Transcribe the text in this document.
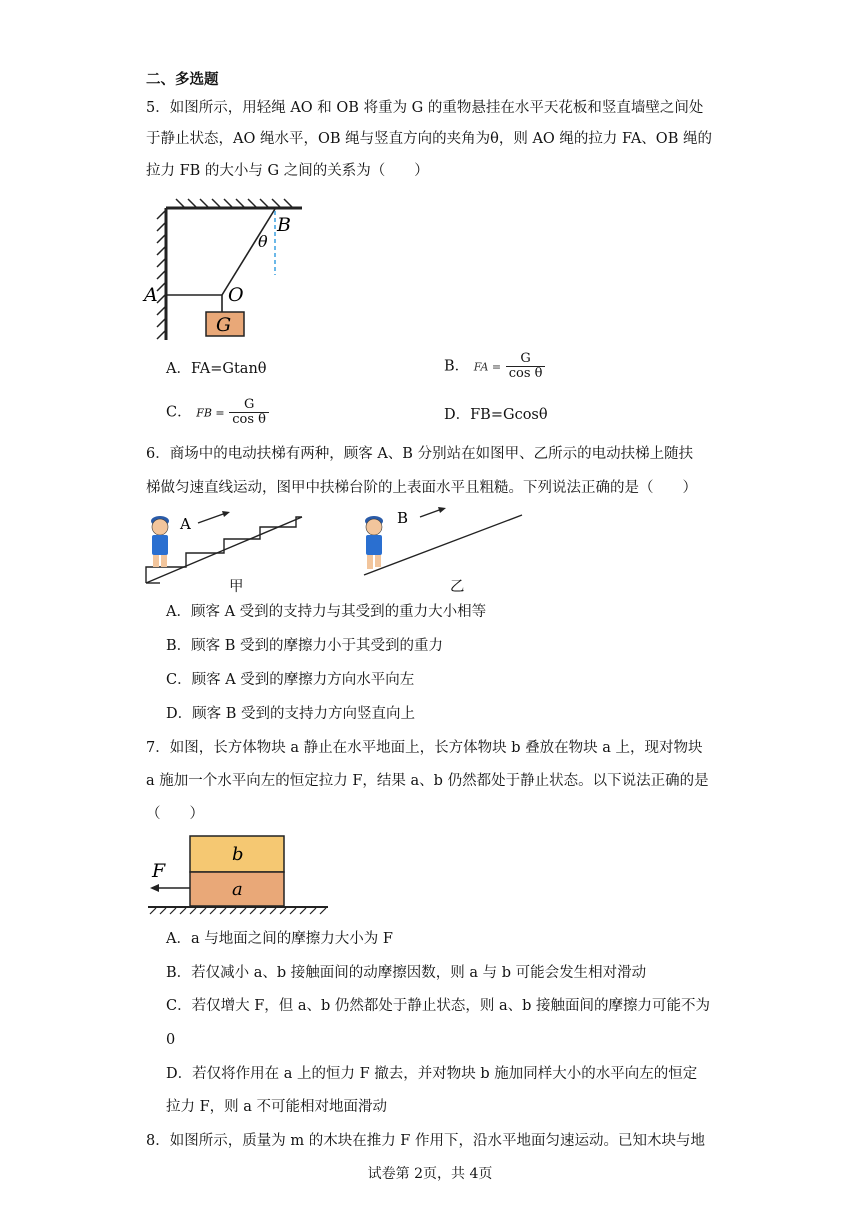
二、多选题
5．如图所示，用轻绳 AO 和 OB 将重为 G 的重物悬挂在水平天花板和竖直墙壁之间处
于静止状态，AO 绳水平，OB 绳与竖直方向的夹角为θ，则 AO 绳的拉力 FA、OB 绳的
拉力 FB 的大小与 G 之间的关系为（　　）
A
B
O
G
θ
A．FA=Gtanθ	B． FA = $\frac{G}{\text{cos θ}}$
C． FB = $\frac{G}{\text{cos θ}}$	D．FB=Gcosθ
6．商场中的电动扶梯有两种，顾客 A、B 分别站在如图甲、乙所示的电动扶梯上随扶
梯做匀速直线运动，图甲中扶梯台阶的上表面水平且粗糙。下列说法正确的是（　　）
A	B
甲	乙
A．顾客 A 受到的支持力与其受到的重力大小相等
B．顾客 B 受到的摩擦力小于其受到的重力
C．顾客 A 受到的摩擦力方向水平向左
D．顾客 B 受到的支持力方向竖直向上
7．如图，长方体物块 a 静止在水平地面上，长方体物块 b 叠放在物块 a 上，现对物块
a 施加一个水平向左的恒定拉力 F，结果 a、b 仍然都处于静止状态。以下说法正确的是
（　　）
F
b
a
A．a 与地面之间的摩擦力大小为 F
B．若仅减小 a、b 接触面间的动摩擦因数，则 a 与 b 可能会发生相对滑动
C．若仅增大 F，但 a、b 仍然都处于静止状态，则 a、b 接触面间的摩擦力可能不为
0
D．若仅将作用在 a 上的恒力 F 撤去，并对物块 b 施加同样大小的水平向左的恒定
拉力 F，则 a 不可能相对地面滑动
8．如图所示，质量为 m 的木块在推力 F 作用下，沿水平地面匀速运动。已知木块与地
试卷第 2页，共 4页
